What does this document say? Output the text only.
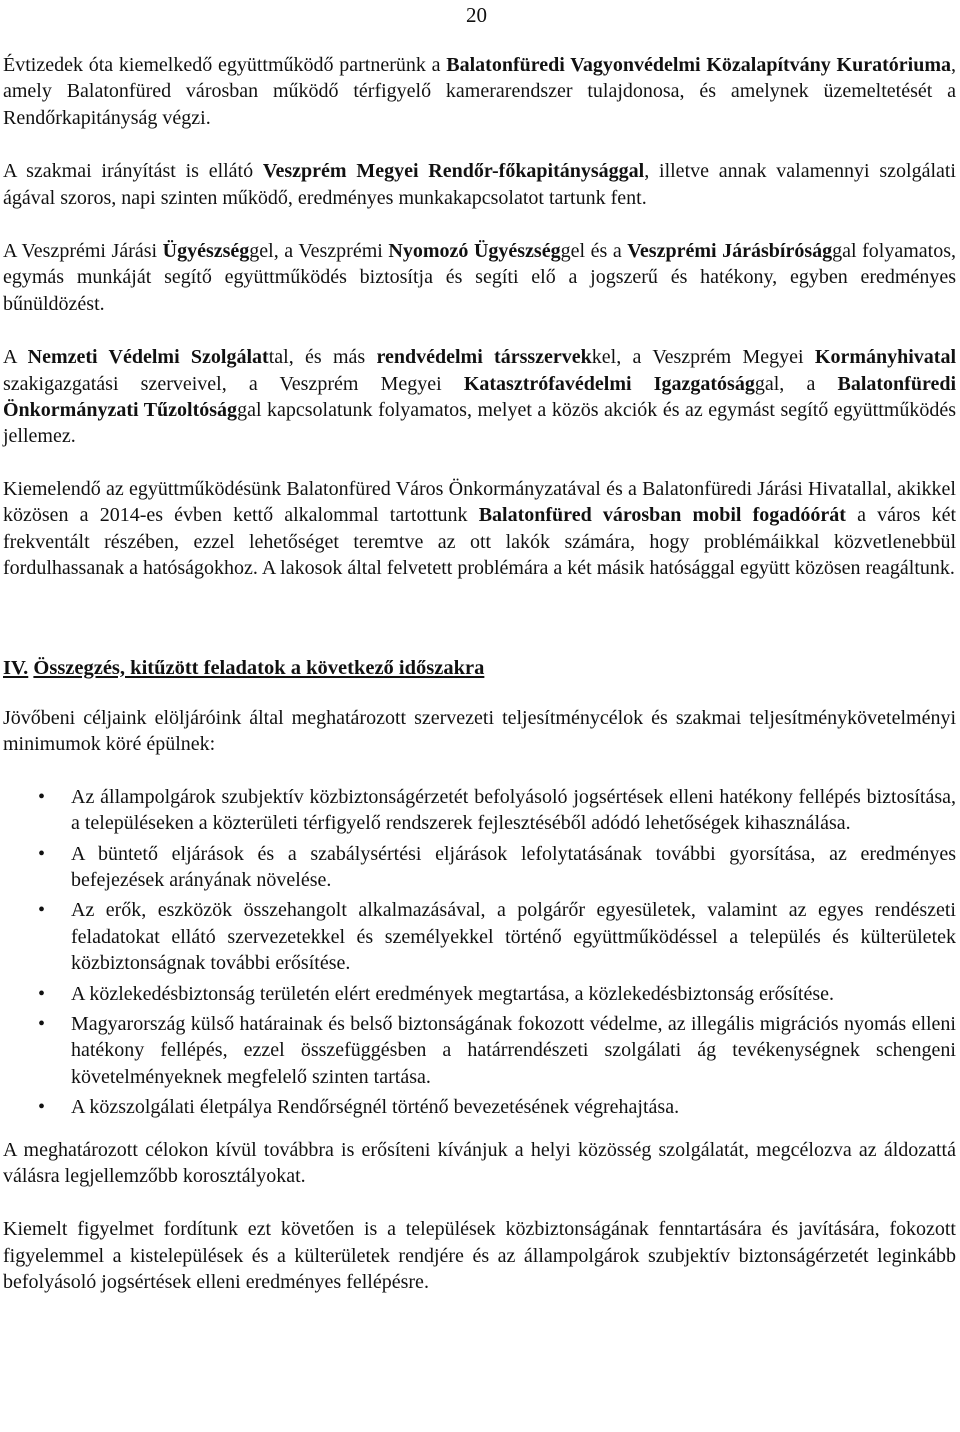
20

Évtizedek óta kiemelkedő együttműködő partnerünk a Balatonfüredi Vagyonvédelmi Közalapítvány Kuratóriuma, amely Balatonfüred városban működő térfigyelő kamerarendszer tulajdonosa, és amelynek üzemeltetését a Rendőrkapitányság végzi.

A szakmai irányítást is ellátó Veszprém Megyei Rendőr-főkapitánysággal, illetve annak valamennyi szolgálati ágával szoros, napi szinten működő, eredményes munkakapcsolatot tartunk fent.

A Veszprémi Járási Ügyészséggel, a Veszprémi Nyomozó Ügyészséggel és a Veszprémi Járásbírósággal folyamatos, egymás munkáját segítő együttműködés biztosítja és segíti elő a jogszerű és hatékony, egyben eredményes bűnüldözést.

A Nemzeti Védelmi Szolgálattal, és más rendvédelmi társszervekkel, a Veszprém Megyei Kormányhivatal szakigazgatási szerveivel, a Veszprém Megyei Katasztrófavédelmi Igazgatósággal, a Balatonfüredi Önkormányzati Tűzoltósággal kapcsolatunk folyamatos, melyet a közös akciók és az egymást segítő együttműködés jellemez.

Kiemelendő az együttműködésünk Balatonfüred Város Önkormányzatával és a Balatonfüredi Járási Hivatallal, akikkel közösen a 2014-es évben kettő alkalommal tartottunk Balatonfüred városban mobil fogadóórát a város két frekventált részében, ezzel lehetőséget teremtve az ott lakók számára, hogy problémáikkal közvetlenebbül fordulhassanak a hatóságokhoz. A lakosok által felvetett problémára a két másik hatósággal együtt közösen reagáltunk.

IV. Összegzés, kitűzött feladatok a következő időszakra

Jövőbeni céljaink elöljáróink által meghatározott szervezeti teljesítménycélok és szakmai teljesítménykövetelményi minimumok köré épülnek:

• Az állampolgárok szubjektív közbiztonságérzetét befolyásoló jogsértések elleni hatékony fellépés biztosítása, a településeken a közterületi térfigyelő rendszerek fejlesztéséből adódó lehetőségek kihasználása.
• A büntető eljárások és a szabálysértési eljárások lefolytatásának további gyorsítása, az eredményes befejezések arányának növelése.
• Az erők, eszközök összehangolt alkalmazásával, a polgárőr egyesületek, valamint az egyes rendészeti feladatokat ellátó szervezetekkel és személyekkel történő együttműködéssel a település és külterületek közbiztonságnak további erősítése.
• A közlekedésbiztonság területén elért eredmények megtartása, a közlekedésbiztonság erősítése.
• Magyarország külső határainak és belső biztonságának fokozott védelme, az illegális migrációs nyomás elleni hatékony fellépés, ezzel összefüggésben a határrendészeti szolgálati ág tevékenységnek schengeni követelményeknek megfelelő szinten tartása.
• A közszolgálati életpálya Rendőrségnél történő bevezetésének végrehajtása.

A meghatározott célokon kívül továbbra is erősíteni kívánjuk a helyi közösség szolgálatát, megcélozva az áldozattá válásra legjellemzőbb korosztályokat.

Kiemelt figyelmet fordítunk ezt követően is a települések közbiztonságának fenntartására és javítására, fokozott figyelemmel a kistelepülések és a külterületek rendjére és az állampolgárok szubjektív biztonságérzetét leginkább befolyásoló jogsértések elleni eredményes fellépésre.
